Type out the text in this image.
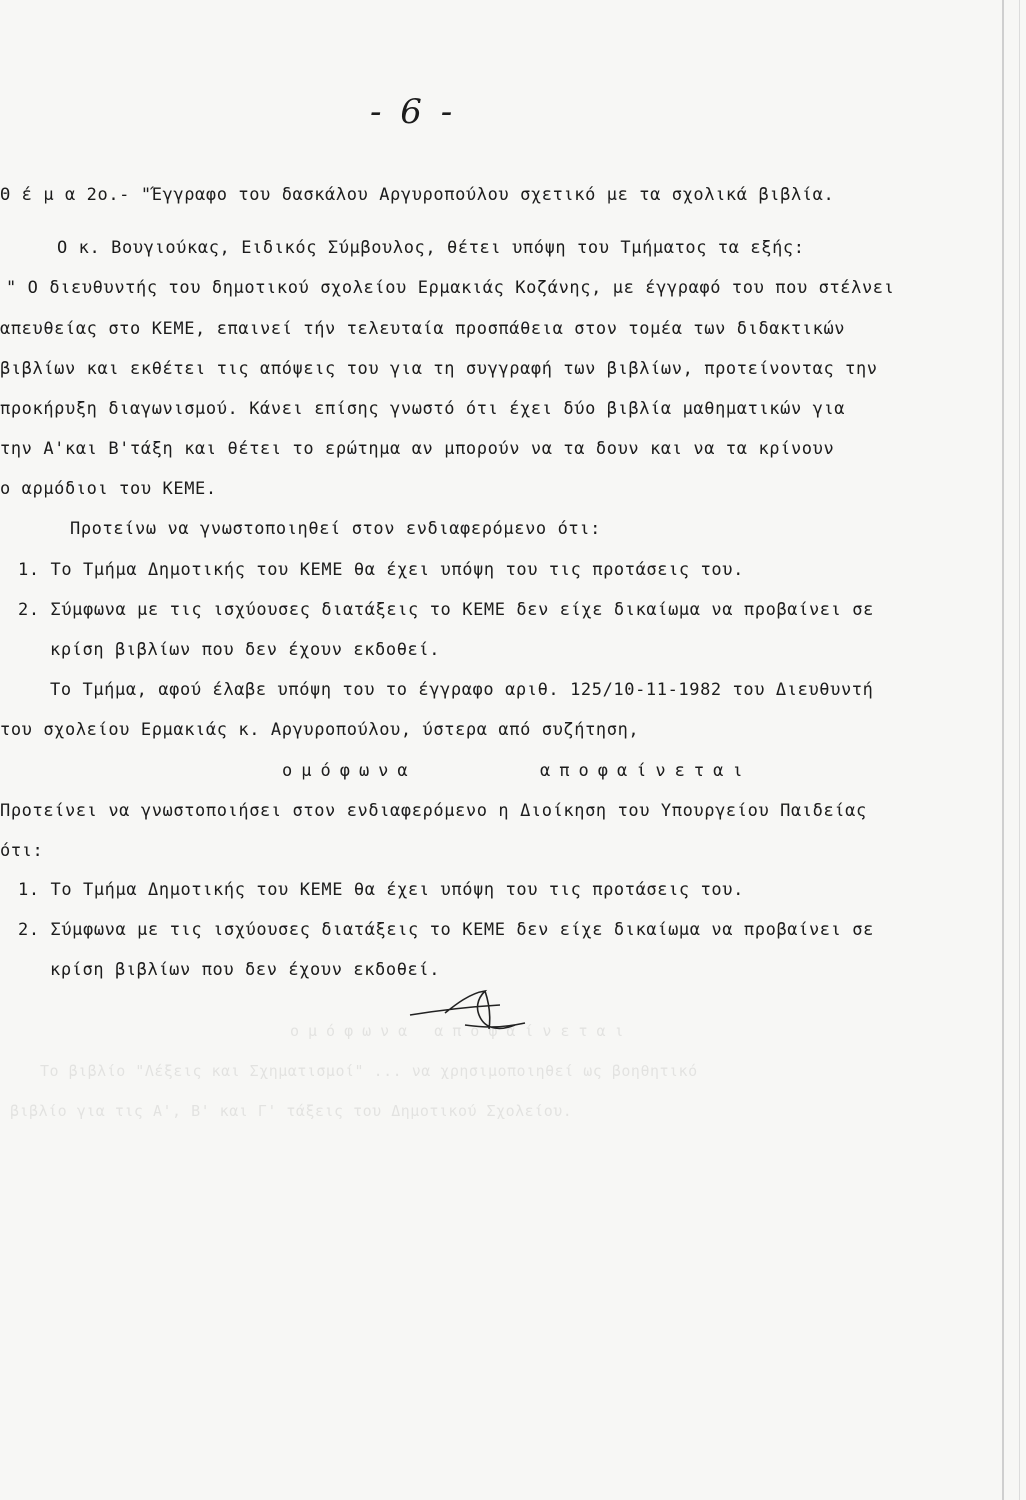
- 6 -
Θ έ μ α 2ο.- "Έγγραφο του δασκάλου Αργυροπούλου σχετικό με τα σχολικά βιβλία.
Ο κ. Βουγιούκας, Ειδικός Σύμβουλος, θέτει υπόψη του Τμήματος τα εξής:
" Ο διευθυντής του δημοτικού σχολείου Ερμακιάς Κοζάνης, με έγγραφό του που στέλνει
απευθείας στο ΚΕΜΕ, επαινεί τήν τελευταία προσπάθεια στον τομέα των διδακτικών
βιβλίων και εκθέτει τις απόψεις του για τη συγγραφή των βιβλίων, προτείνοντας την
προκήρυξη διαγωνισμού. Κάνει επίσης γνωστό ότι έχει δύο βιβλία μαθηματικών για
την Α'και Β'τάξη και θέτει το ερώτημα αν μπορούν να τα δουν και να τα κρίνουν
ο αρμόδιοι του ΚΕΜΕ.
Προτείνω να γνωστοποιηθεί στον ενδιαφερόμενο ότι:
1. Το Τμήμα Δημοτικής του ΚΕΜΕ θα έχει υπόψη του τις προτάσεις του.
2. Σύμφωνα με τις ισχύουσες διατάξεις το ΚΕΜΕ δεν είχε δικαίωμα να προβαίνει σε
κρίση βιβλίων που δεν έχουν εκδοθεί.
Το Τμήμα, αφού έλαβε υπόψη του το έγγραφο αριθ. 125/10-11-1982 του Διευθυντή
του σχολείου Ερμακιάς κ. Αργυροπούλου, ύστερα από συζήτηση,
ομόφωνα	αποφαίνεται
Προτείνει να γνωστοποιήσει στον ενδιαφερόμενο η Διοίκηση του Υπουργείου Παιδείας
ότι:
1. Το Τμήμα Δημοτικής του ΚΕΜΕ θα έχει υπόψη του τις προτάσεις του.
2. Σύμφωνα με τις ισχύουσες διατάξεις το ΚΕΜΕ δεν είχε δικαίωμα να προβαίνει σε
κρίση βιβλίων που δεν έχουν εκδοθεί.
ομόφωνα αποφαίνεται
Το βιβλίο "Λέξεις και Σχηματισμοί" ... να χρησιμοποιηθεί ως βοηθητικό
βιβλίο για τις Α', Β' και Γ' τάξεις του Δημοτικού Σχολείου.
